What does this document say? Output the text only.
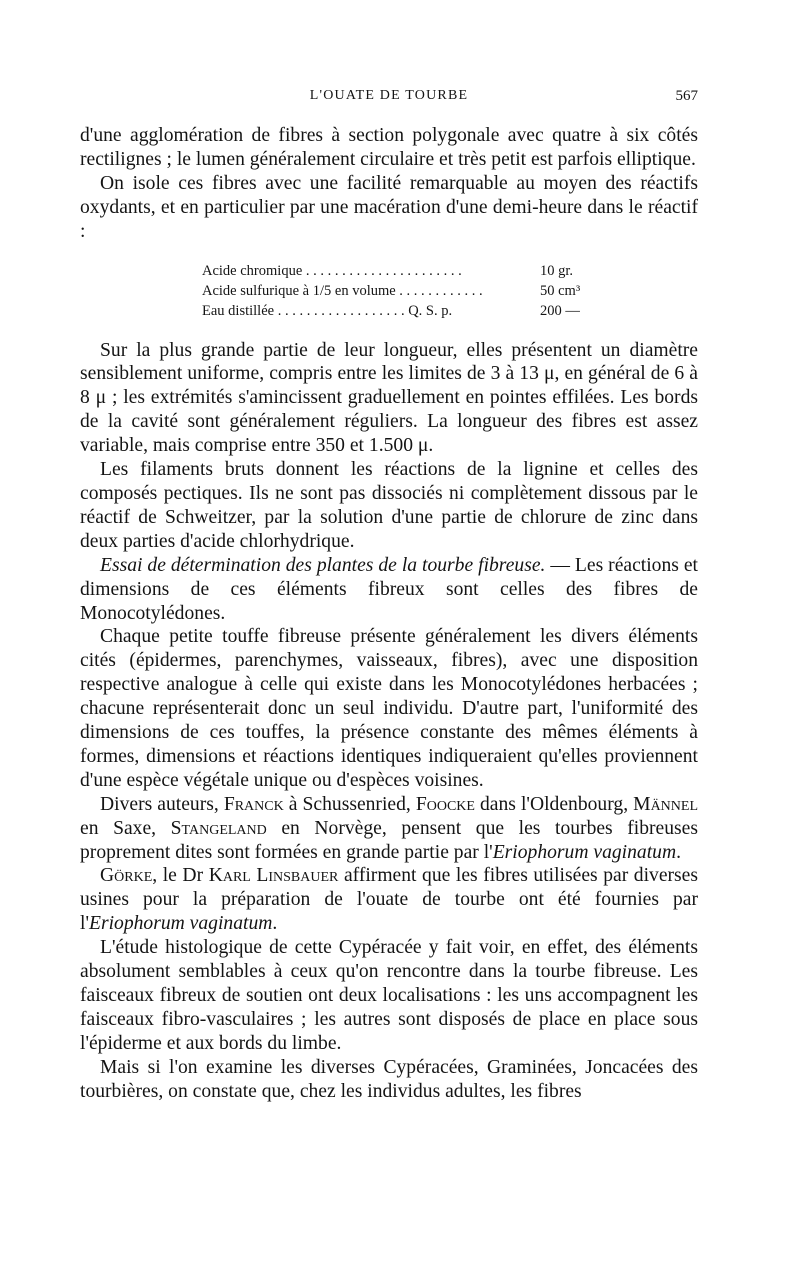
L'OUATE DE TOURBE	567

d'une agglomération de fibres à section polygonale avec quatre à six côtés rectilignes ; le lumen généralement circulaire et très petit est parfois elliptique.

On isole ces fibres avec une facilité remarquable au moyen des réactifs oxydants, et en particulier par une macération d'une demi-heure dans le réactif :

Acide chromique . . . . . . . . . . . . . . . . . . . . . .	10 gr.
Acide sulfurique à 1/5 en volume . . . . . . . . . . . .	50 cm³
Eau distillée . . . . . . . . . . . . . . . . . . Q. S. p.	200 —

Sur la plus grande partie de leur longueur, elles présentent un diamètre sensiblement uniforme, compris entre les limites de 3 à 13 μ, en général de 6 à 8 μ ; les extrémités s'amincissent graduellement en pointes effilées. Les bords de la cavité sont généralement réguliers. La longueur des fibres est assez variable, mais comprise entre 350 et 1.500 μ.

Les filaments bruts donnent les réactions de la lignine et celles des composés pectiques. Ils ne sont pas dissociés ni complètement dissous par le réactif de Schweitzer, par la solution d'une partie de chlorure de zinc dans deux parties d'acide chlorhydrique.

Essai de détermination des plantes de la tourbe fibreuse. — Les réactions et dimensions de ces éléments fibreux sont celles des fibres de Monocotylédones.

Chaque petite touffe fibreuse présente généralement les divers éléments cités (épidermes, parenchymes, vaisseaux, fibres), avec une disposition respective analogue à celle qui existe dans les Monocotylédones herbacées ; chacune représenterait donc un seul individu. D'autre part, l'uniformité des dimensions de ces touffes, la présence constante des mêmes éléments à formes, dimensions et réactions identiques indiqueraient qu'elles proviennent d'une espèce végétale unique ou d'espèces voisines.

Divers auteurs, Franck à Schussenried, Foocke dans l'Oldenbourg, Männel en Saxe, Stangeland en Norvège, pensent que les tourbes fibreuses proprement dites sont formées en grande partie par l'Eriophorum vaginatum.

Görke, le Dr Karl Linsbauer affirment que les fibres utilisées par diverses usines pour la préparation de l'ouate de tourbe ont été fournies par l'Eriophorum vaginatum.

L'étude histologique de cette Cypéracée y fait voir, en effet, des éléments absolument semblables à ceux qu'on rencontre dans la tourbe fibreuse. Les faisceaux fibreux de soutien ont deux localisations : les uns accompagnent les faisceaux fibro-vasculaires ; les autres sont disposés de place en place sous l'épiderme et aux bords du limbe.

Mais si l'on examine les diverses Cypéracées, Graminées, Joncacées des tourbières, on constate que, chez les individus adultes, les fibres
